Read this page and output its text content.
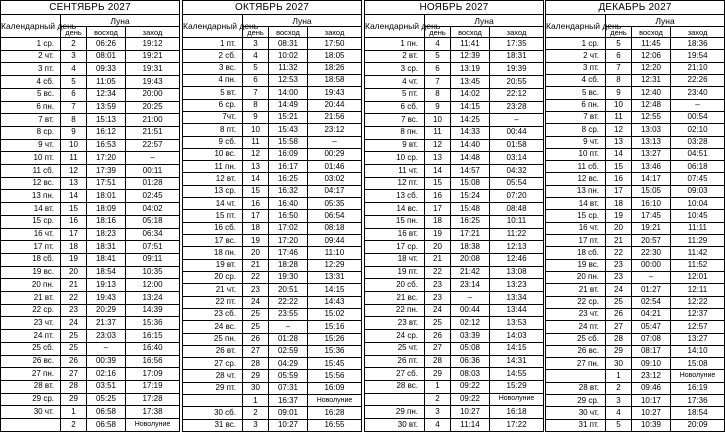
СЕНТЯБРЬ 2027			
Календарный день	Луна		
	день	восход	заход
1 ср.	2	06:26	19:12
2 чт.	3	08:01	19:21
3 пт.	4	09:33	19:31
4 сб.	5	11:05	19:43
5 вс.	6	12:34	20:00
6 пн.	7	13:59	20:25
7 вт.	8	15:13	21:00
8 ср.	9	16:12	21:51
9 чт.	10	16:53	22:57
10 пт.	11	17:20	–
11 сб.	12	17:39	00:11
12 вс.	13	17:51	01:28
13 пн.	14	18:01	02:45
14 вт.	15	18:09	04:02
15 ср.	16	18:16	05:18
16 чт.	17	18:23	06:34
17 пт.	18	18:31	07:51
18 сб.	19	18:41	09:11
19 вс.	20	18:54	10:35
20 пн.	21	19:13	12:00
21 вт.	22	19:43	13:24
22 ср.	23	20:29	14:39
23 чт.	24	21:37	15:36
24 пт.	25	23:03	16:15
25 сб.	25	–	16:40
26 вс.	26	00:39	16:56
27 пн.	27	02:16	17:09
28 вт.	28	03:51	17:19
29 ср.	29	05:25	17:28
30 чт.	1	06:58	17:38
	2	06:58	Новолуние
ОКТЯБРЬ 2027			
Календарный день	Луна		
	день	восход	заход
1 пт.	3	08:31	17:50
2 сб.	4	10:02	18:05
3 вс.	5	11:32	18:26
4 пн.	6	12:53	18:58
5 вт.	7	14:00	19:43
6 ср.	8	14:49	20:44
7чт.	9	15:21	21:56
8 пт.	10	15:43	23:12
9 сб.	11	15:58	–
10 вс.	12	16:09	00:29
11 пн.	13	16:17	01:46
12 вт.	14	16:25	03:02
13 ср.	15	16:32	04:17
14 чт.	16	16:40	05:35
15 пт.	17	16:50	06:54
16 сб.	18	17:02	08:18
17 вс.	19	17:20	09:44
18 пн.	20	17:46	11:10
19 вт.	21	18:28	12:29
20 ср.	22	19:30	13:31
21 чт.	23	20:51	14:15
22 пт.	24	22:22	14:43
23 сб.	25	23:55	15:02
24 вс.	25	–	15:16
25 пн.	26	01:28	15:26
26 вт.	27	02:59	15:36
27 ср.	28	04:29	15:45
28 чт.	29	05:59	15:56
29 пт.	30	07:31	16:09
	1	16:37	Новолуние
30 сб.	2	09:01	16:28
31 вс.	3	10:27	16:55
НОЯБРЬ 2027			
Календарный день	Луна		
	день	восход	заход
1 пн.	4	11:41	17:35
2 вт.	5	12:39	18:31
3 ср.	6	13:19	19:39
4 чт.	7	13:45	20:55
5 пт.	8	14:02	22:12
6 сб.	9	14:15	23:28
7 вс.	10	14:25	–
8 пн.	11	14:33	00:44
9 вт.	12	14:40	01:58
10 ср.	13	14:48	03:14
11 чт.	14	14:57	04:32
12 пт.	15	15:08	05:54
13 сб.	16	15:24	07:20
14 вс.	17	15:48	08:48
15 пн.	18	16:25	10:11
16 вт.	19	17:21	11:22
17 ср.	20	18:38	12:13
18 чт.	21	20:08	12:46
19 пт.	22	21:42	13:08
20 сб.	23	23:14	13:23
21 вс.	23	–	13:34
22 пн.	24	00:44	13:44
23 вт.	25	02:12	13:53
24 ср.	26	03:39	14:03
25 чт.	27	05:08	14:15
26 пт.	28	06:36	14:31
27 сб.	29	08:03	14:55
28 вс.	1	09:22	15:29
	2	09:22	Новолуние
29 пн.	3	10:27	16:18
30 вт.	4	11:14	17:22
ДЕКАБРЬ 2027			
Календарный день	Луна		
	день	восход	заход
1 ср.	5	11:45	18:36
2 чт.	6	12:06	19:54
3 пт.	7	12:20	21:10
4 сб.	8	12:31	22:26
5 вс.	9	12:40	23:40
6 пн.	10	12:48	–
7 вт.	11	12:55	00:54
8 ср.	12	13:03	02:10
9 чт.	13	13:13	03:28
10 пт.	14	13:27	04:51
11 сб.	15	13:46	06:18
12 вс.	16	14:17	07:45
13 пн.	17	15:05	09:03
14 вт.	18	16:10	10:04
15 ср.	19	17:45	10:45
16 чт.	20	19:21	11:11
17 пт.	21	20:57	11:29
18 сб.	22	22:30	11:42
19 вс.	23	00:00	11:52
20 пн.	23	–	12:01
21 вт.	24	01:27	12:11
22 ср.	25	02:54	12:22
23 чт.	26	04:21	12:37
24 пт.	27	05:47	12:57
25 сб.	28	07:08	13:27
26 вс.	29	08:17	14:10
27 пн.	30	09:10	15:08
	1	23:12	Новолуние
28 вт.	2	09:46	16:19
29 ср.	3	10:17	17:36
30 чт.	4	10:27	18:54
31 пт.	5	10:39	20:09
